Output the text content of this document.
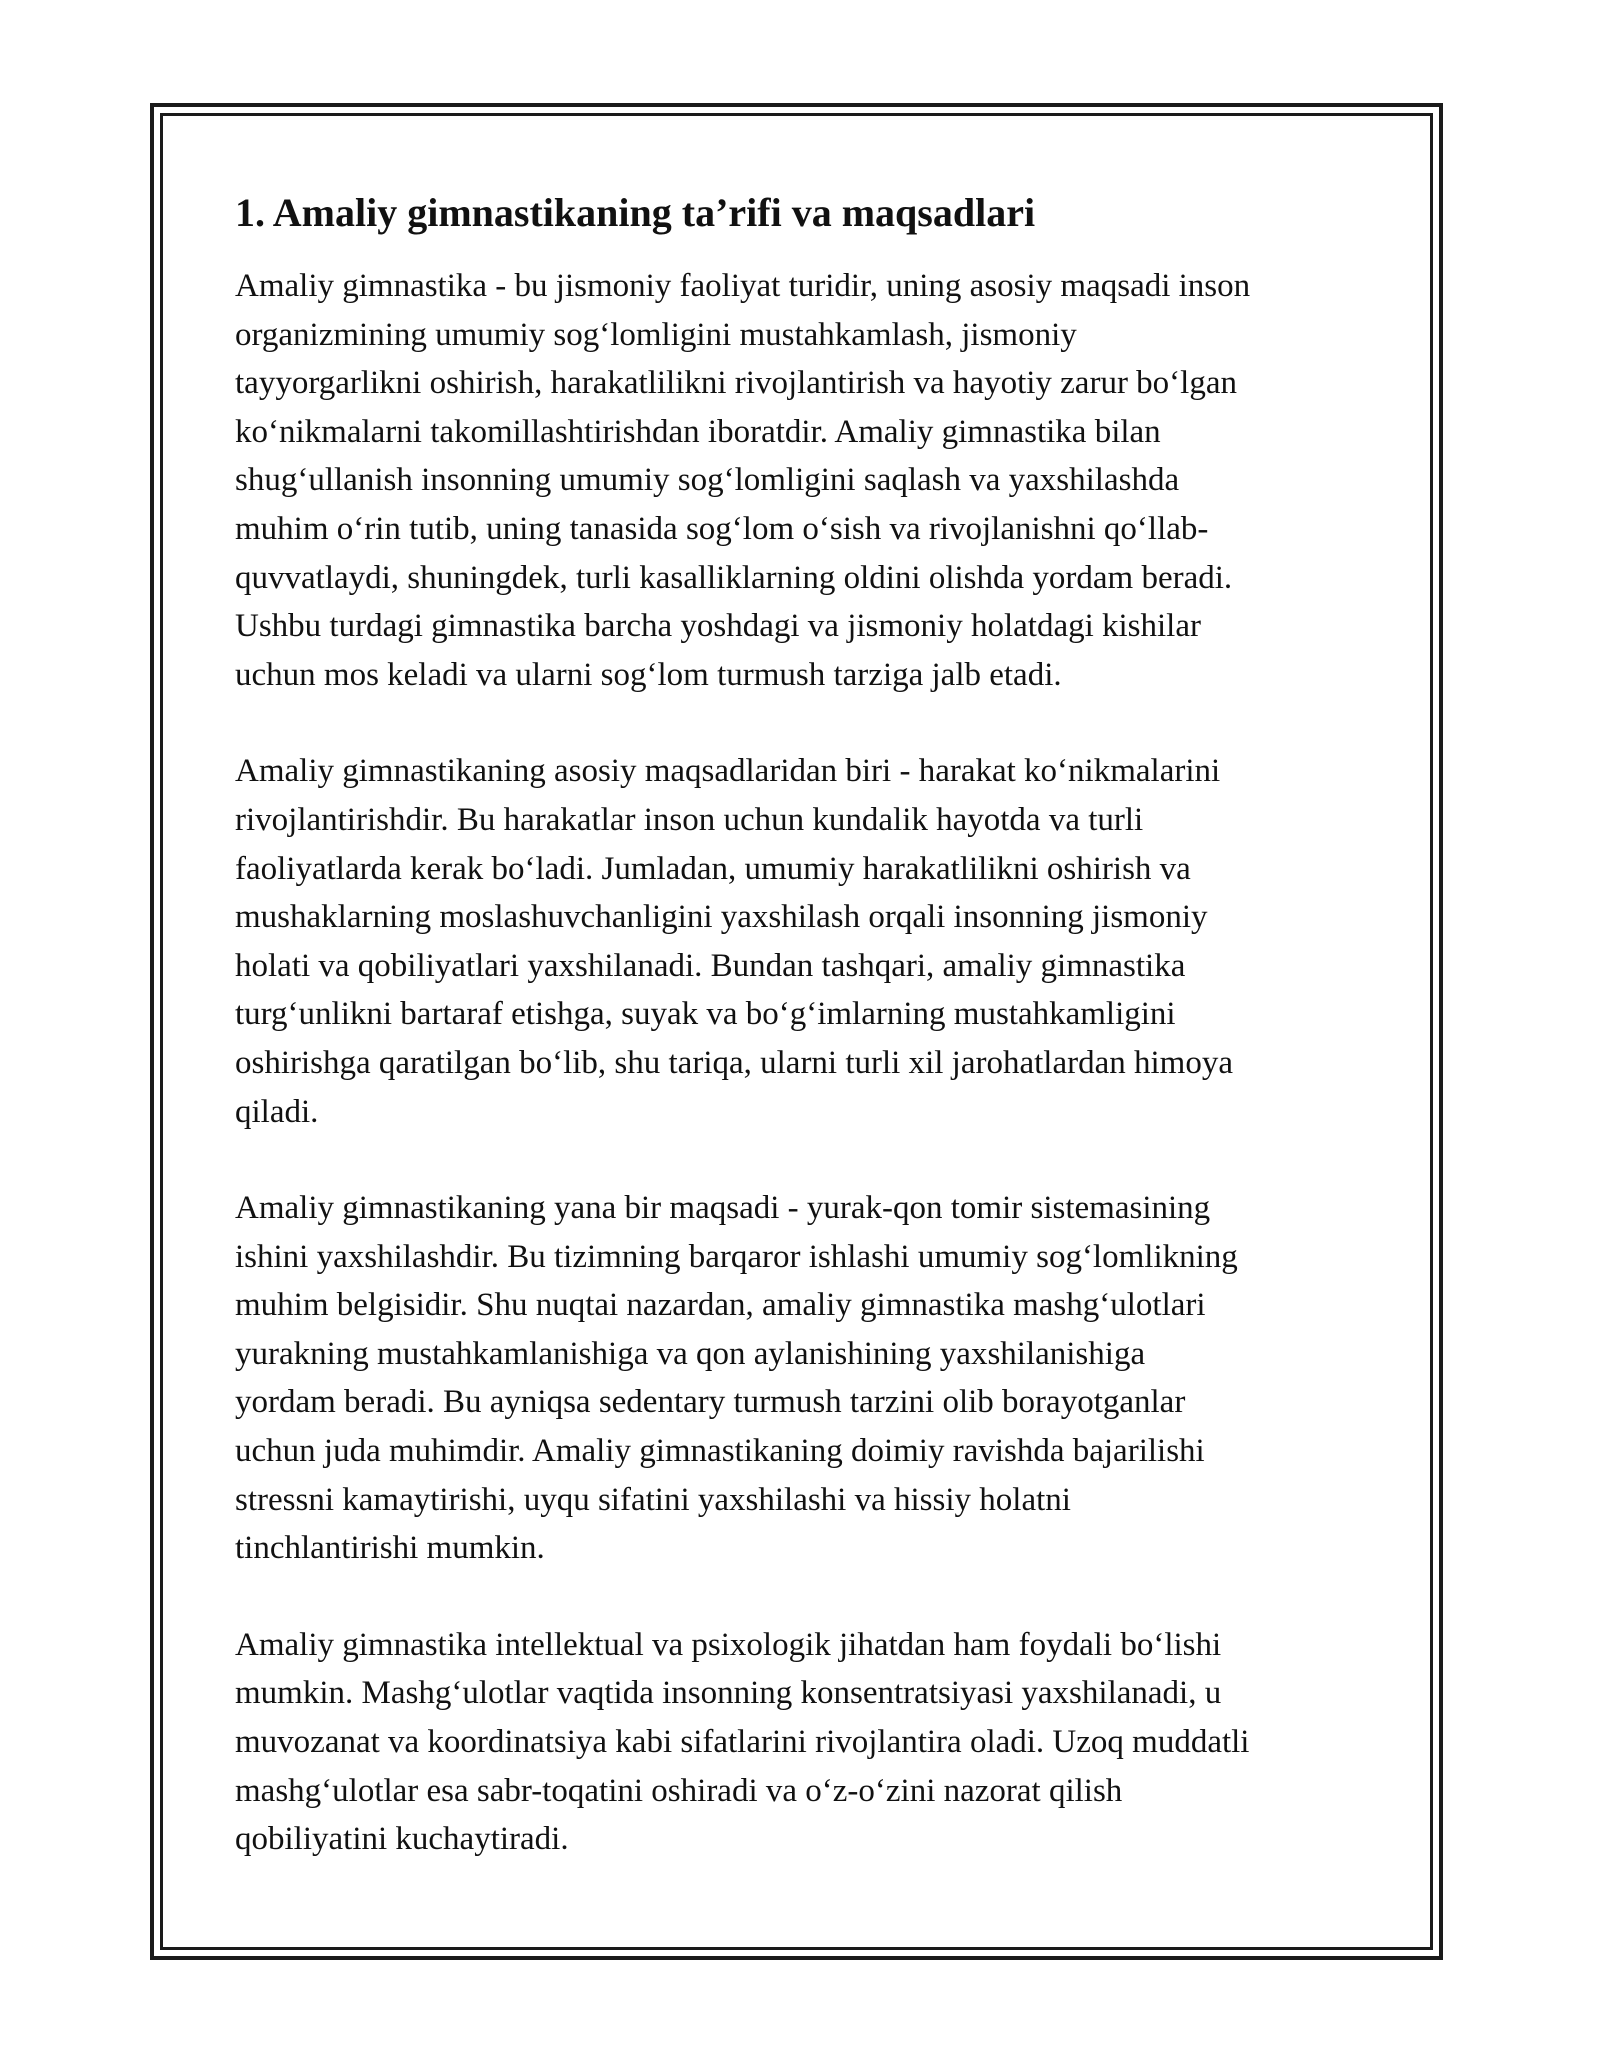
1. Amaliy gimnastikaning ta’rifi va maqsadlari

Amaliy gimnastika - bu jismoniy faoliyat turidir, uning asosiy maqsadi inson
organizmining umumiy sog‘lomligini mustahkamlash, jismoniy
tayyorgarlikni oshirish, harakatlilikni rivojlantirish va hayotiy zarur bo‘lgan
ko‘nikmalarni takomillashtirishdan iboratdir. Amaliy gimnastika bilan
shug‘ullanish insonning umumiy sog‘lomligini saqlash va yaxshilashda
muhim o‘rin tutib, uning tanasida sog‘lom o‘sish va rivojlanishni qo‘llab-
quvvatlaydi, shuningdek, turli kasalliklarning oldini olishda yordam beradi.
Ushbu turdagi gimnastika barcha yoshdagi va jismoniy holatdagi kishilar
uchun mos keladi va ularni sog‘lom turmush tarziga jalb etadi.

Amaliy gimnastikaning asosiy maqsadlaridan biri - harakat ko‘nikmalarini
rivojlantirishdir. Bu harakatlar inson uchun kundalik hayotda va turli
faoliyatlarda kerak bo‘ladi. Jumladan, umumiy harakatlilikni oshirish va
mushaklarning moslashuvchanligini yaxshilash orqali insonning jismoniy
holati va qobiliyatlari yaxshilanadi. Bundan tashqari, amaliy gimnastika
turg‘unlikni bartaraf etishga, suyak va bo‘g‘imlarning mustahkamligini
oshirishga qaratilgan bo‘lib, shu tariqa, ularni turli xil jarohatlardan himoya
qiladi.

Amaliy gimnastikaning yana bir maqsadi - yurak-qon tomir sistemasining
ishini yaxshilashdir. Bu tizimning barqaror ishlashi umumiy sog‘lomlikning
muhim belgisidir. Shu nuqtai nazardan, amaliy gimnastika mashg‘ulotlari
yurakning mustahkamlanishiga va qon aylanishining yaxshilanishiga
yordam beradi. Bu ayniqsa sedentary turmush tarzini olib borayotganlar
uchun juda muhimdir. Amaliy gimnastikaning doimiy ravishda bajarilishi
stressni kamaytirishi, uyqu sifatini yaxshilashi va hissiy holatni
tinchlantirishi mumkin.

Amaliy gimnastika intellektual va psixologik jihatdan ham foydali bo‘lishi
mumkin. Mashg‘ulotlar vaqtida insonning konsentratsiyasi yaxshilanadi, u
muvozanat va koordinatsiya kabi sifatlarini rivojlantira oladi. Uzoq muddatli
mashg‘ulotlar esa sabr-toqatini oshiradi va o‘z-o‘zini nazorat qilish
qobiliyatini kuchaytiradi.
